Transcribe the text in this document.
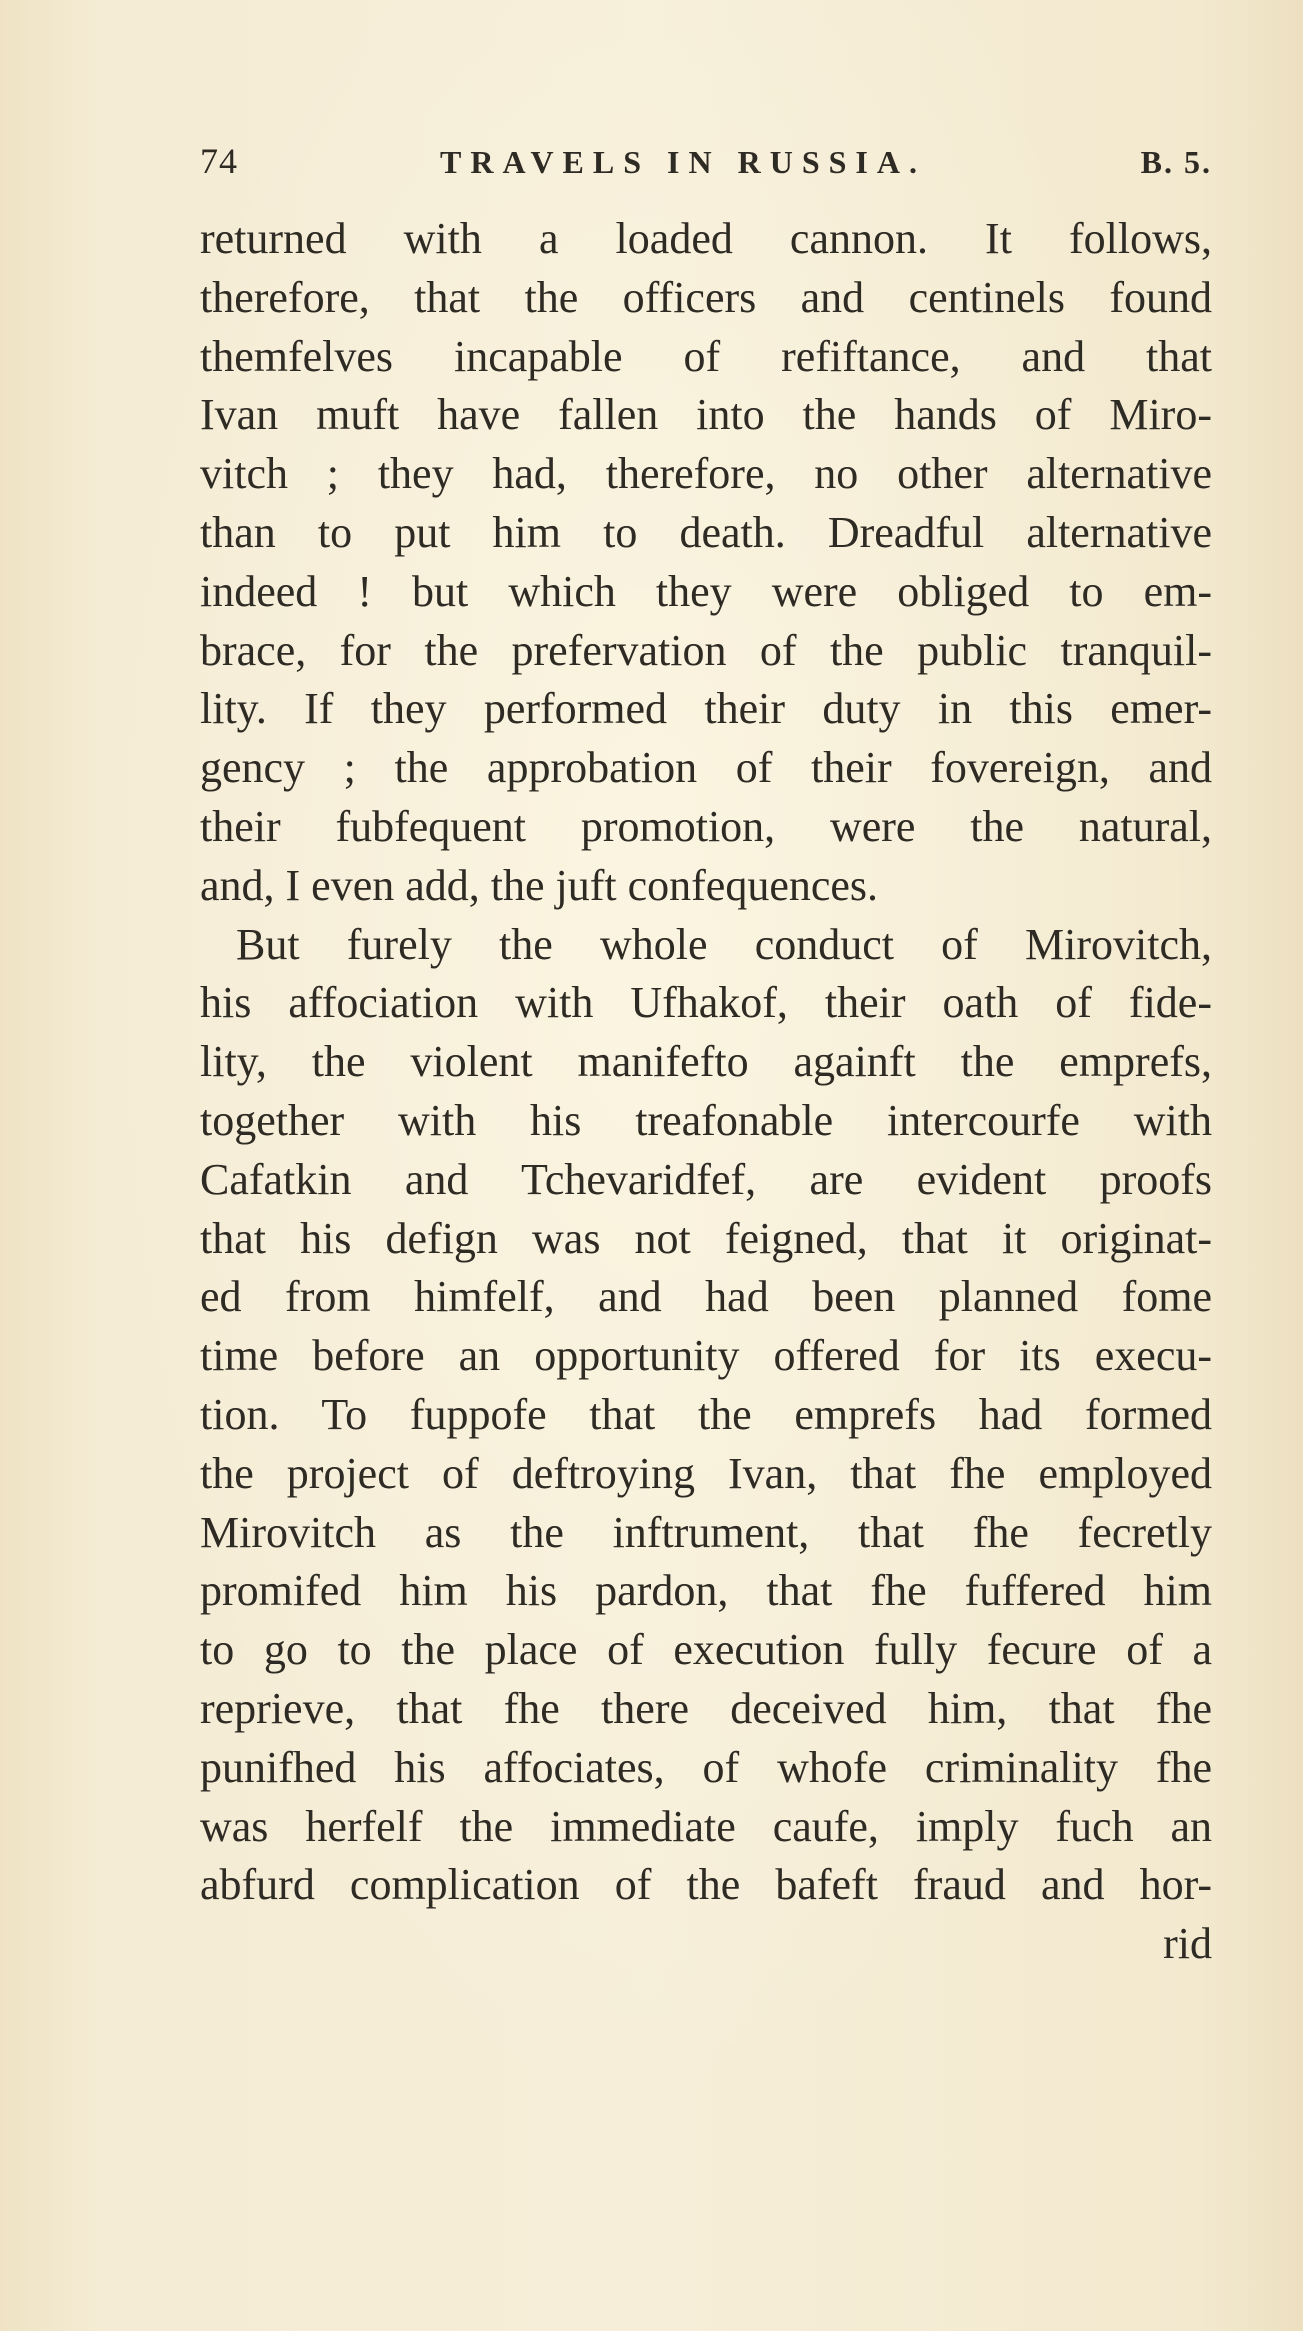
74	TRAVELS IN RUSSIA.	B. 5.
returned with a loaded cannon. It follows,
therefore, that the officers and centinels found
themfelves incapable of refiftance, and that
Ivan muft have fallen into the hands of Miro-
vitch ; they had, therefore, no other alternative
than to put him to death. Dreadful alternative
indeed ! but which they were obliged to em-
brace, for the prefervation of the public tranquil-
lity. If they performed their duty in this emer-
gency ; the approbation of their fovereign, and
their fubfequent promotion, were the natural,
and, I even add, the juft confequences.
But furely the whole conduct of Mirovitch,
his affociation with Ufhakof, their oath of fide-
lity, the violent manifefto againft the emprefs,
together with his treafonable intercourfe with
Cafatkin and Tchevaridfef, are evident proofs
that his defign was not feigned, that it originat-
ed from himfelf, and had been planned fome
time before an opportunity offered for its execu-
tion. To fuppofe that the emprefs had formed
the project of deftroying Ivan, that fhe employed
Mirovitch as the inftrument, that fhe fecretly
promifed him his pardon, that fhe fuffered him
to go to the place of execution fully fecure of a
reprieve, that fhe there deceived him, that fhe
punifhed his affociates, of whofe criminality fhe
was herfelf the immediate caufe, imply fuch an
abfurd complication of the bafeft fraud and hor-
rid
